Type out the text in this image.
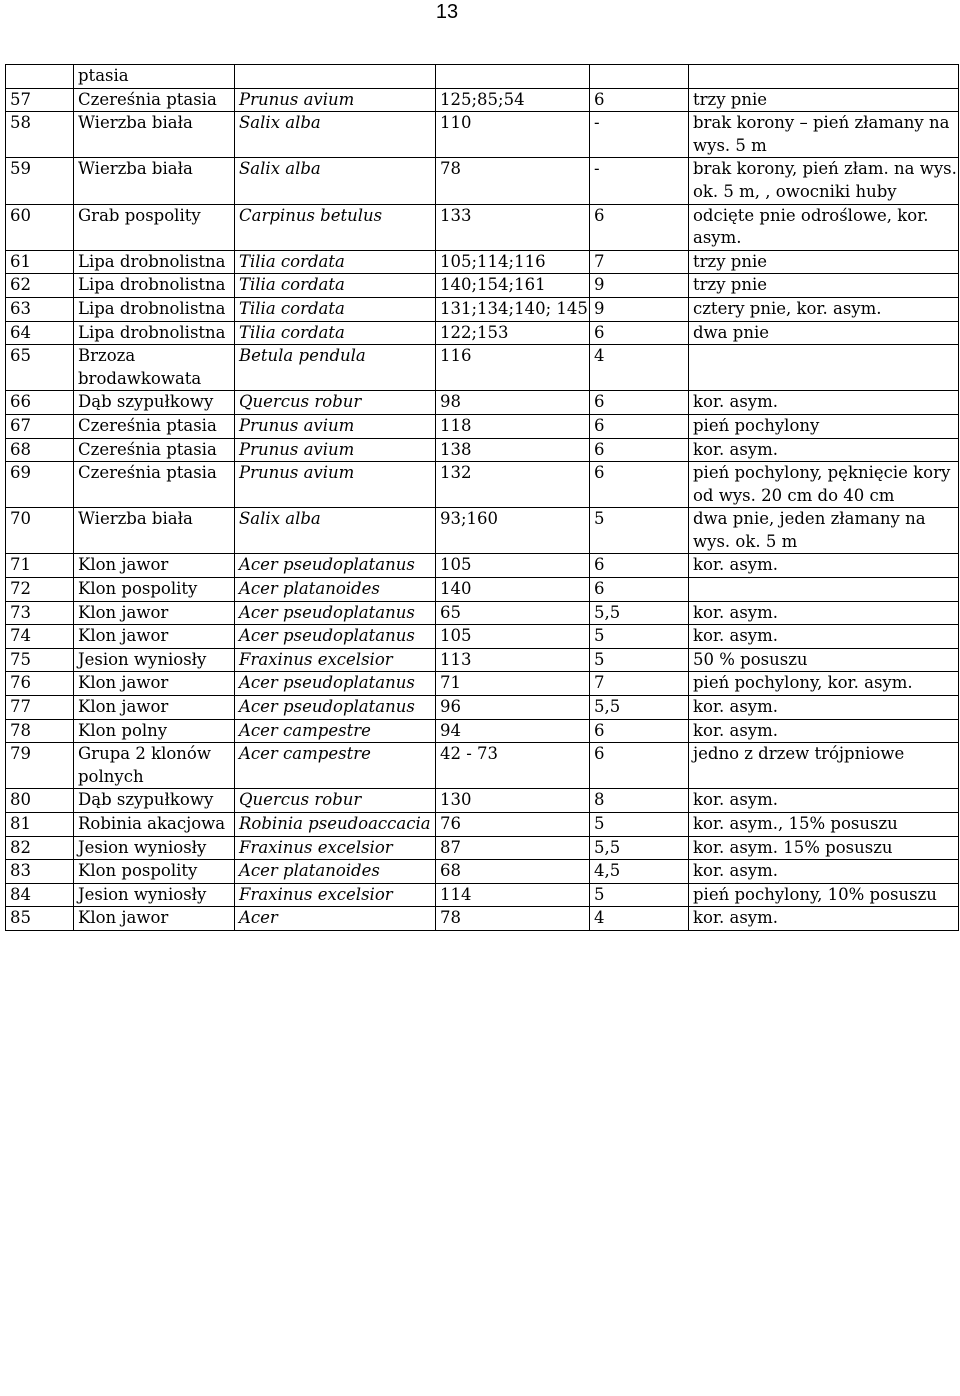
13
	ptasia				
57	Czereśnia ptasia	Prunus avium	125;85;54	6	trzy pnie
58	Wierzba biała	Salix alba	110	-	brak korony – pień złamany na wys. 5 m
59	Wierzba biała	Salix alba	78	-	brak korony, pień złam. na wys. ok. 5 m, , owocniki huby
60	Grab pospolity	Carpinus betulus	133	6	odcięte pnie odroślowe, kor. asym.
61	Lipa drobnolistna	Tilia cordata	105;114;116	7	trzy pnie
62	Lipa drobnolistna	Tilia cordata	140;154;161	9	trzy pnie
63	Lipa drobnolistna	Tilia cordata	131;134;140; 145	9	cztery pnie, kor. asym.
64	Lipa drobnolistna	Tilia cordata	122;153	6	dwa pnie
65	Brzoza brodawkowata	Betula pendula	116	4	
66	Dąb szypułkowy	Quercus robur	98	6	kor. asym.
67	Czereśnia ptasia	Prunus avium	118	6	pień pochylony
68	Czereśnia ptasia	Prunus avium	138	6	kor. asym.
69	Czereśnia ptasia	Prunus avium	132	6	pień pochylony, pęknięcie kory od wys. 20 cm do 40 cm
70	Wierzba biała	Salix alba	93;160	5	dwa pnie, jeden złamany na wys. ok. 5 m
71	Klon jawor	Acer pseudoplatanus	105	6	kor. asym.
72	Klon pospolity	Acer platanoides	140	6	
73	Klon jawor	Acer pseudoplatanus	65	5,5	kor. asym.
74	Klon jawor	Acer pseudoplatanus	105	5	kor. asym.
75	Jesion wyniosły	Fraxinus excelsior	113	5	50 % posuszu
76	Klon jawor	Acer pseudoplatanus	71	7	pień pochylony, kor. asym.
77	Klon jawor	Acer pseudoplatanus	96	5,5	kor. asym.
78	Klon polny	Acer campestre	94	6	kor. asym.
79	Grupa 2 klonów polnych	Acer campestre	42 - 73	6	jedno z drzew trójpniowe
80	Dąb szypułkowy	Quercus robur	130	8	kor. asym.
81	Robinia akacjowa	Robinia pseudoaccacia	76	5	kor. asym., 15% posuszu
82	Jesion wyniosły	Fraxinus excelsior	87	5,5	kor. asym. 15% posuszu
83	Klon pospolity	Acer platanoides	68	4,5	kor. asym.
84	Jesion wyniosły	Fraxinus excelsior	114	5	pień pochylony, 10% posuszu
85	Klon jawor	Acer	78	4	kor. asym.
